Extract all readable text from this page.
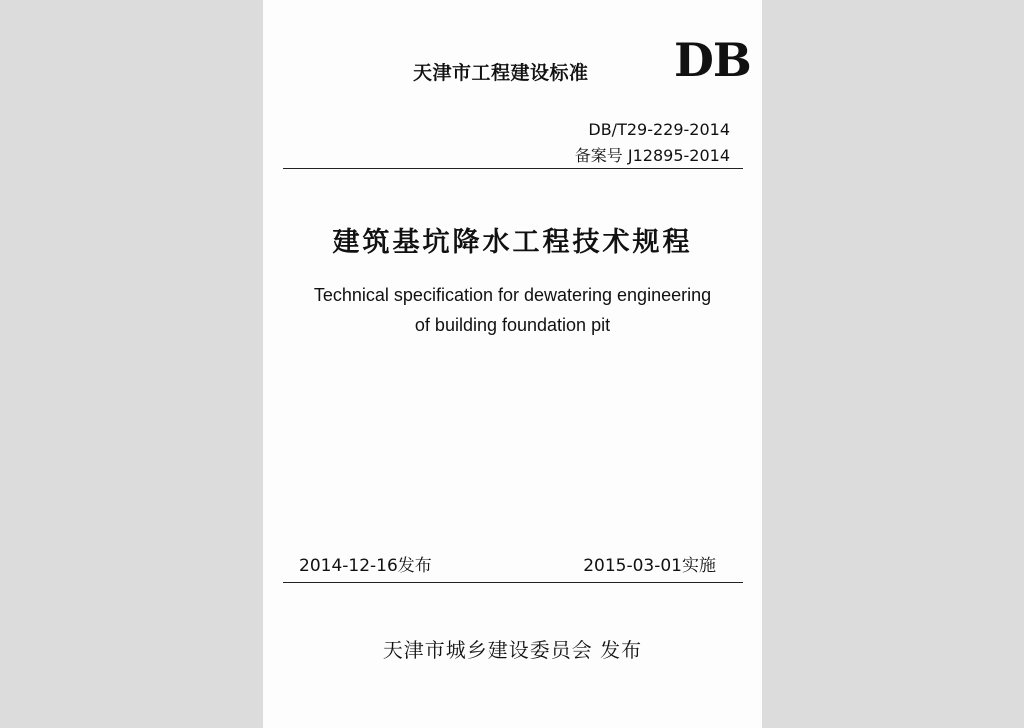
天津市工程建设标准 DB
DB/T29-229-2014
备案号 J12895-2014
建筑基坑降水工程技术规程
Technical specification for dewatering engineering
of building foundation pit
2014-12-16发布	2015-03-01实施
天津市城乡建设委员会 发布
